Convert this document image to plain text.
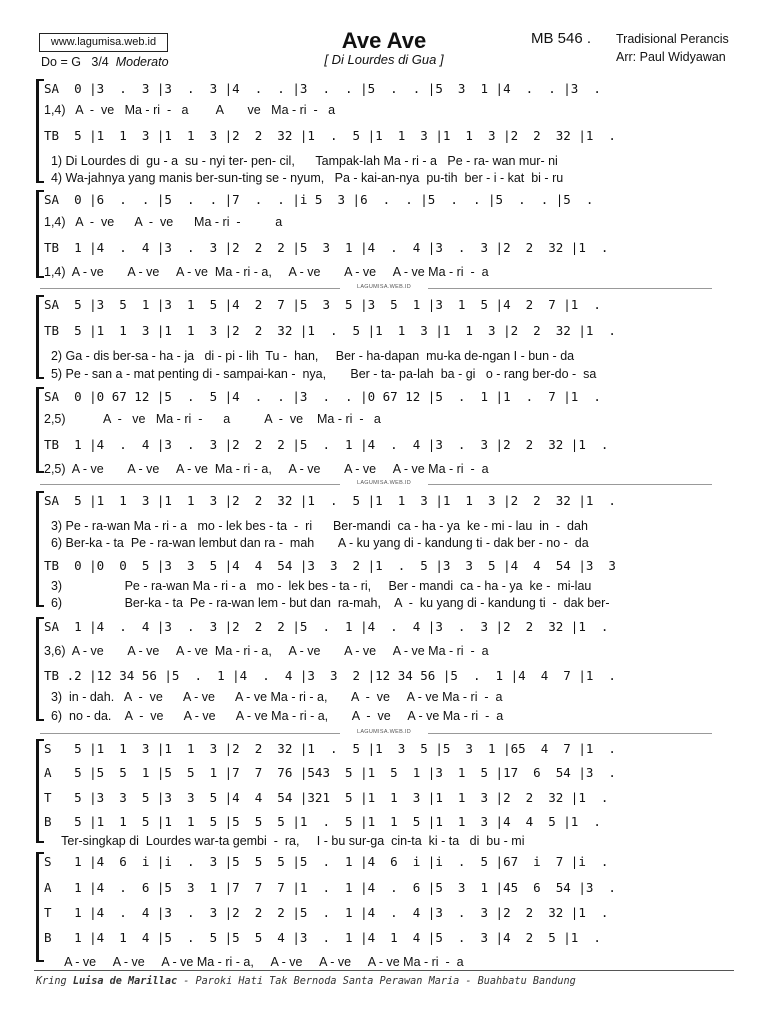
www.lagumisa.web.id
Do = G 3/4 Moderato
Ave Ave
[ Di Lourdes di Gua ]
MB 546 . Tradisional Perancis
Arr: Paul Widyawan
SA  0 |3  .  3 |3  .  3 |4  .  . |3  .  . |5  .  . |5  3  1 |4  .  . |3  .
1,4)   A  -  ve   Ma - ri  -   a        A       ve   Ma - ri  -   a
TB  5 |1  1  3 |1  1  3 |2  2  32 |1  .  5 |1  1  3 |1  1  3 |2  2  32 |1  .
1) Di Lourdes di  gu - a  su - nyi ter- pen- cil,      Tampak-lah Ma - ri - a   Pe - ra- wan mur- ni
4) Wa-jahnya yang manis ber-sun-ting se - nyum,   Pa - kai-an-nya  pu-tih  ber - i - kat  bi - ru
SA  0 |6  .  . |5  .  . |7  .  . |i 5  3 |6  .  . |5  .  . |5  .  . |5  .
1,4)   A  -  ve      A  -  ve      Ma - ri  -          a
TB  1 |4  .  4 |3  .  3 |2  2  2 |5  3  1 |4  .  4 |3  .  3 |2  2  32 |1  .
1,4)  A - ve       A - ve     A - ve  Ma - ri - a,     A - ve       A - ve     A - ve Ma - ri  -  a
SA  5 |3  5  1 |3  1  5 |4  2  7 |5  3  5 |3  5  1 |3  1  5 |4  2  7 |1  .
TB  5 |1  1  3 |1  1  3 |2  2  32 |1  .  5 |1  1  3 |1  1  3 |2  2  32 |1  .
2) Ga - dis ber-sa - ha - ja   di - pi - lih  Tu -  han,     Ber - ha-dapan  mu-ka de-ngan I - bun - da
5) Pe - san a - mat penting di - sampai-kan -  nya,       Ber - ta- pa-lah  ba - gi   o - rang ber-do -  sa
SA  0 |0 67 12 |5  .  5 |4  .  . |3  .  . |0 67 12 |5  .  1 |1  .  7 |1  .
2,5)           A  -   ve   Ma - ri  -      a          A  -  ve    Ma - ri  -   a
TB  1 |4  .  4 |3  .  3 |2  2  2 |5  .  1 |4  .  4 |3  .  3 |2  2  32 |1  .
2,5)  A - ve       A - ve     A - ve  Ma - ri - a,     A - ve       A - ve     A - ve Ma - ri  -  a
SA  5 |1  1  3 |1  1  3 |2  2  32 |1  .  5 |1  1  3 |1  1  3 |2  2  32 |1  .
3) Pe - ra-wan Ma - ri - a   mo - lek bes - ta  -  ri      Ber-mandi  ca - ha - ya  ke - mi - lau  in  -  dah
6) Ber-ka - ta  Pe - ra-wan lembut dan ra -  mah       A - ku yang di - kandung ti - dak ber - no -  da
TB  0 |0  0  5 |3  3  5 |4  4  54 |3  3  2 |1  .  5 |3  3  5 |4  4  54 |3  3
3)                  Pe - ra-wan Ma - ri - a   mo -  lek bes - ta - ri,     Ber - mandi  ca - ha - ya  ke -  mi-lau
6)                  Ber-ka - ta  Pe - ra-wan lem - but dan  ra-mah,    A  -  ku yang di - kandung ti  -  dak ber-
SA  1 |4  .  4 |3  .  3 |2  2  2 |5  .  1 |4  .  4 |3  .  3 |2  2  32 |1  .
3,6)  A - ve       A - ve     A - ve  Ma - ri - a,     A - ve       A - ve     A - ve Ma - ri  -  a
TB .2 |12 34 56 |5  .  1 |4  .  4 |3  3  2 |12 34 56 |5  .  1 |4  4  7 |1  .
3)  in - dah.   A  -  ve      A - ve      A - ve Ma - ri - a,       A  -  ve     A - ve Ma - ri  -  a
6)  no - da.    A  -  ve      A - ve      A - ve Ma - ri - a,       A  -  ve     A - ve Ma - ri  -  a
S   5 |1  1  3 |1  1  3 |2  2  32 |1  .  5 |1  3  5 |5  3  1 |65  4  7 |1  .
A   5 |5  5  1 |5  5  1 |7  7  76 |543  5 |1  5  1 |3  1  5 |17  6  54 |3  .
T   5 |3  3  5 |3  3  5 |4  4  54 |321  5 |1  1  3 |1  1  3 |2  2  32 |1  .
B   5 |1  1  5 |1  1  5 |5  5  5 |1  .  5 |1  1  5 |1  1  3 |4  4  5 |1  .
Ter-singkap di  Lourdes war-ta gembi  -  ra,     I - bu sur-ga  cin-ta  ki - ta   di  bu - mi
S   1 |4  6  i |i  .  3 |5  5  5 |5  .  1 |4  6  i |i  .  5 |67  i  7 |i  .
A   1 |4  .  6 |5  3  1 |7  7  7 |1  .  1 |4  .  6 |5  3  1 |45  6  54 |3  .
T   1 |4  .  4 |3  .  3 |2  2  2 |5  .  1 |4  .  4 |3  .  3 |2  2  32 |1  .
B   1 |4  1  4 |5  .  5 |5  5  4 |3  .  1 |4  1  4 |5  .  3 |4  2  5 |1  .
A - ve     A - ve     A - ve Ma - ri - a,     A - ve     A - ve     A - ve Ma - ri  -  a
LAGUMISA.WEB.ID
LAGUMISA.WEB.ID
LAGUMISA.WEB.ID
Kring Luisa de Marillac - Paroki Hati Tak Bernoda Santa Perawan Maria - Buahbatu Bandung
